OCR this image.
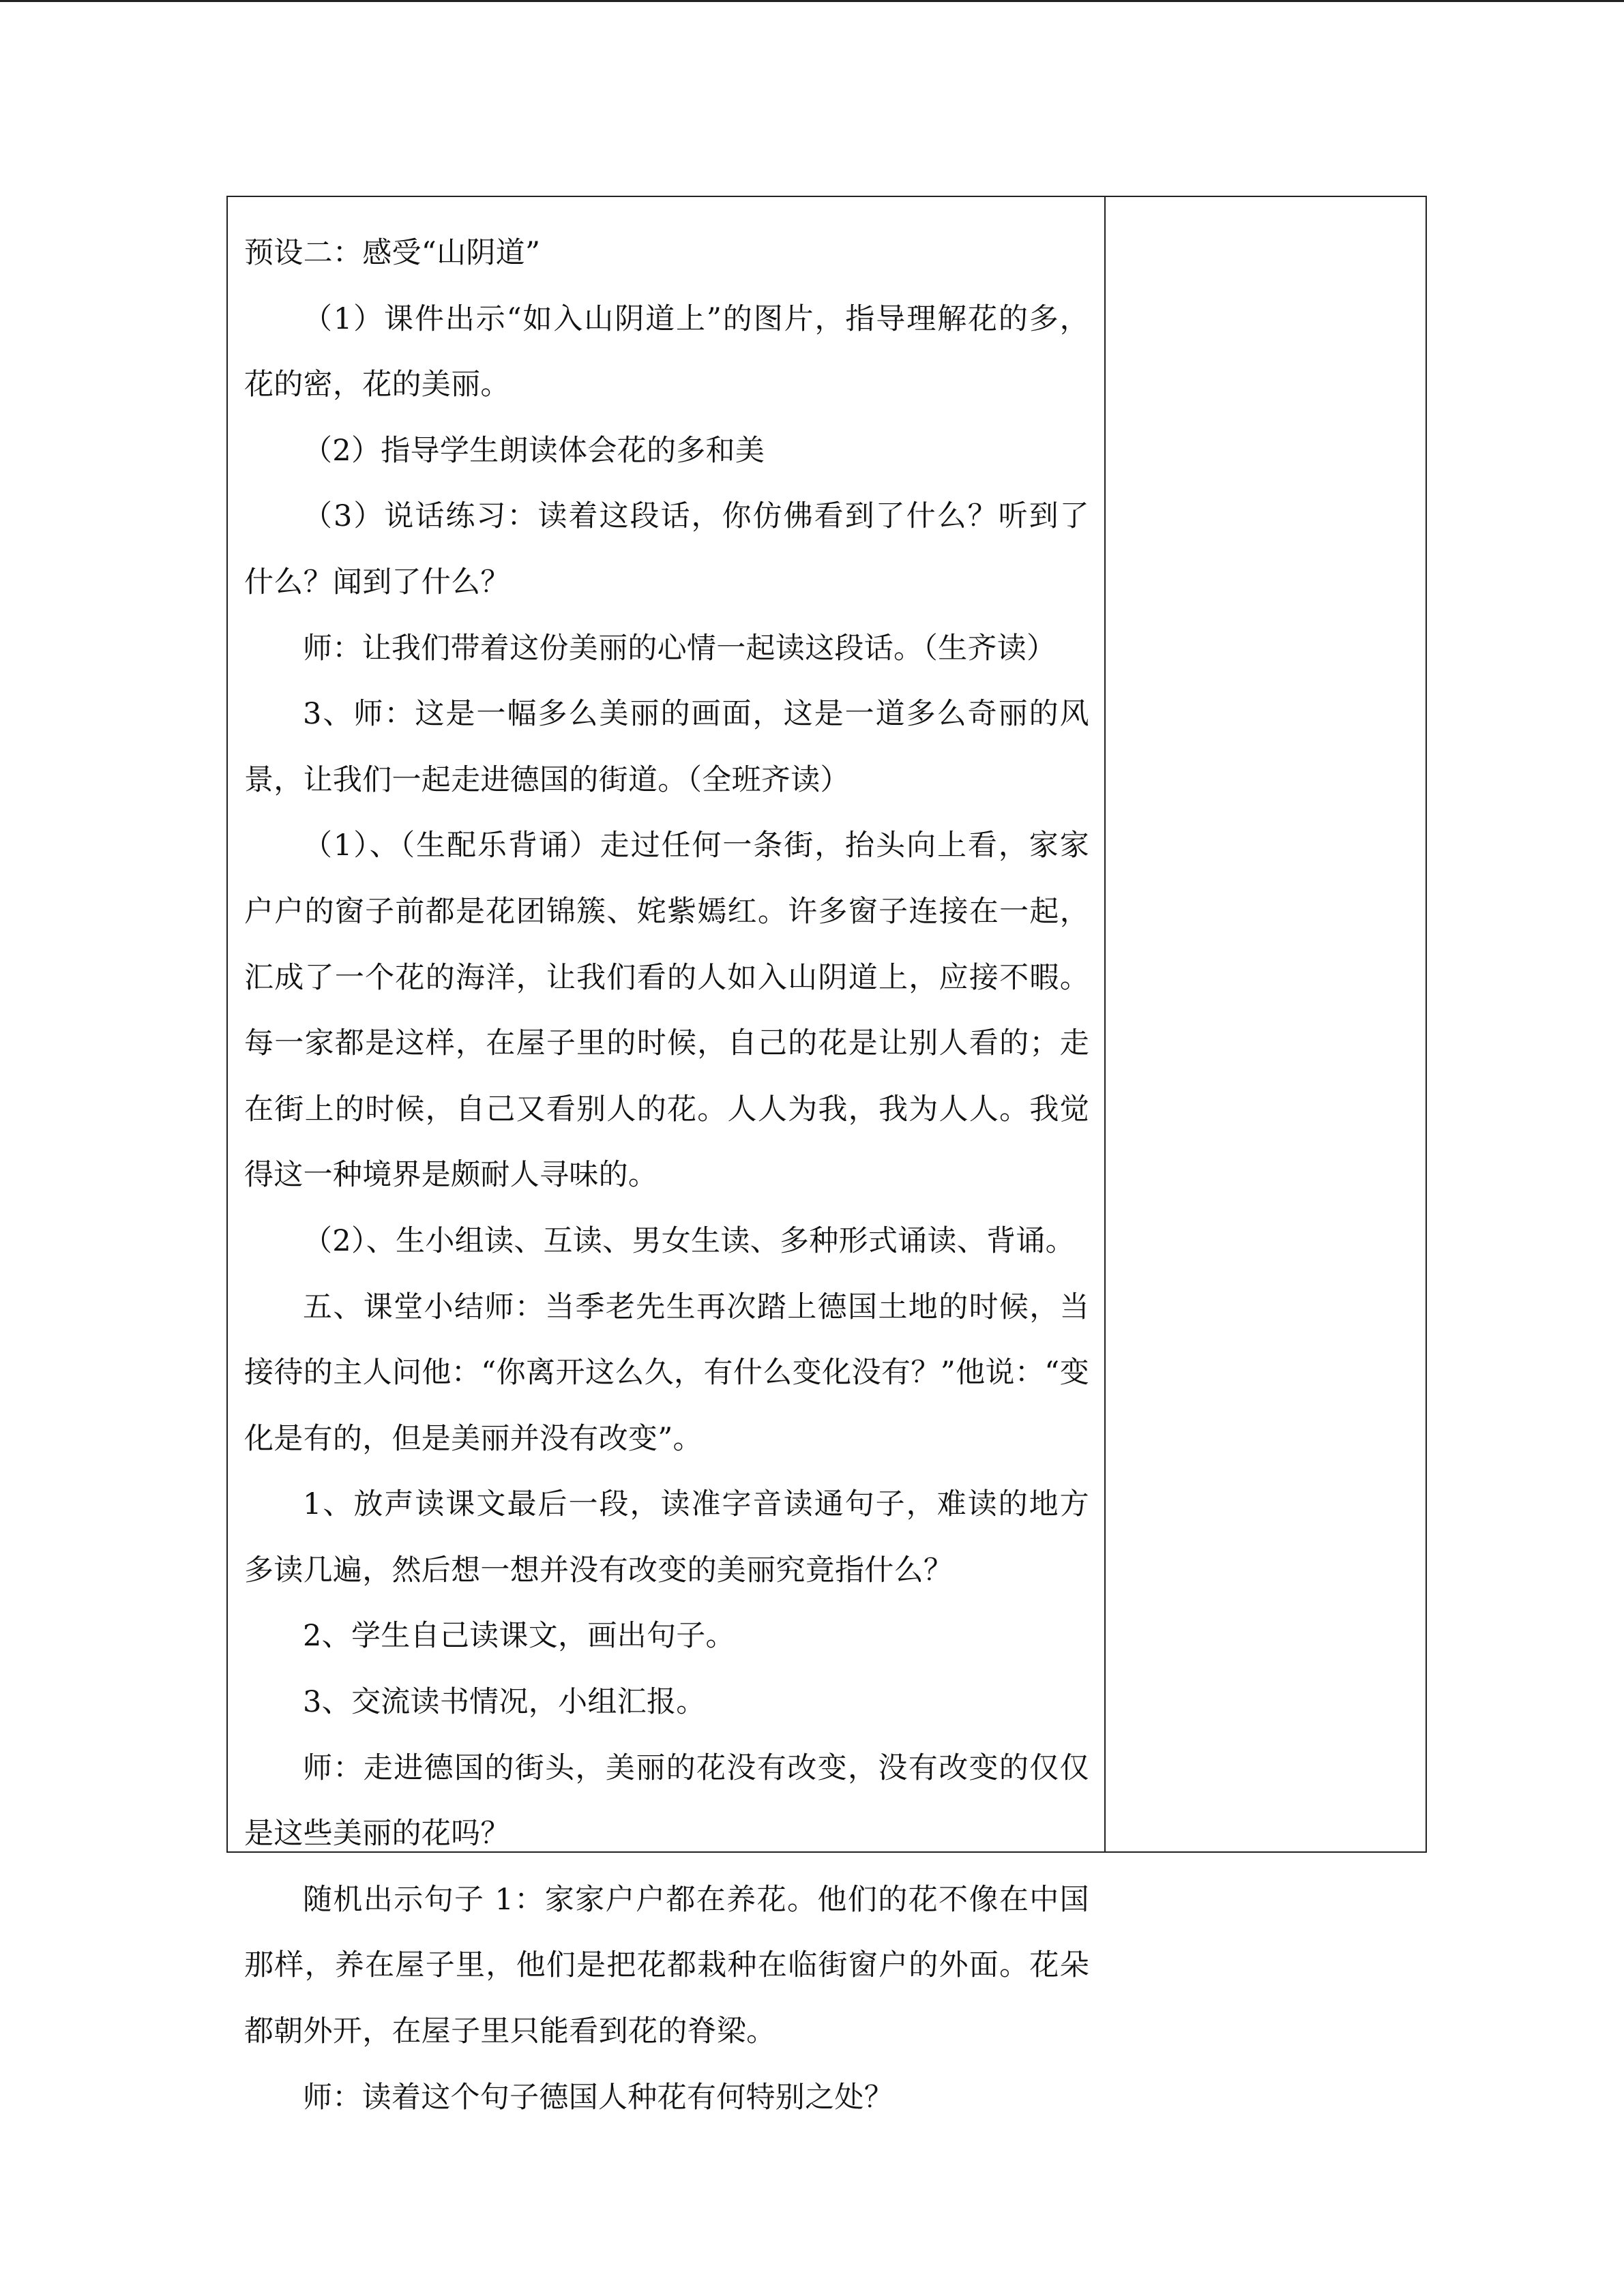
预设二：感受“山阴道”

（1）课件出示“如入山阴道上”的图片，指导理解花的多，花的密，花的美丽。

（2）指导学生朗读体会花的多和美

（3）说话练习：读着这段话，你仿佛看到了什么？听到了什么？闻到了什么？

师：让我们带着这份美丽的心情一起读这段话。（生齐读）

3、师：这是一幅多么美丽的画面，这是一道多么奇丽的风景，让我们一起走进德国的街道。（全班齐读）

（1）、（生配乐背诵）走过任何一条街，抬头向上看，家家户户的窗子前都是花团锦簇、姹紫嫣红。许多窗子连接在一起，汇成了一个花的海洋，让我们看的人如入山阴道上，应接不暇。每一家都是这样，在屋子里的时候，自己的花是让别人看的；走在街上的时候，自己又看别人的花。人人为我，我为人人。我觉得这一种境界是颇耐人寻味的。

（2）、生小组读、互读、男女生读、多种形式诵读、背诵。

五、课堂小结师：当季老先生再次踏上德国土地的时候，当接待的主人问他：“你离开这么久，有什么变化没有？”他说：“变化是有的，但是美丽并没有改变”。

1、放声读课文最后一段，读准字音读通句子，难读的地方多读几遍，然后想一想并没有改变的美丽究竟指什么？

2、学生自己读课文，画出句子。

3、交流读书情况，小组汇报。

师：走进德国的街头，美丽的花没有改变，没有改变的仅仅是这些美丽的花吗？

随机出示句子 1：家家户户都在养花。他们的花不像在中国那样，养在屋子里，他们是把花都栽种在临街窗户的外面。花朵都朝外开，在屋子里只能看到花的脊梁。

师：读着这个句子德国人种花有何特别之处？
